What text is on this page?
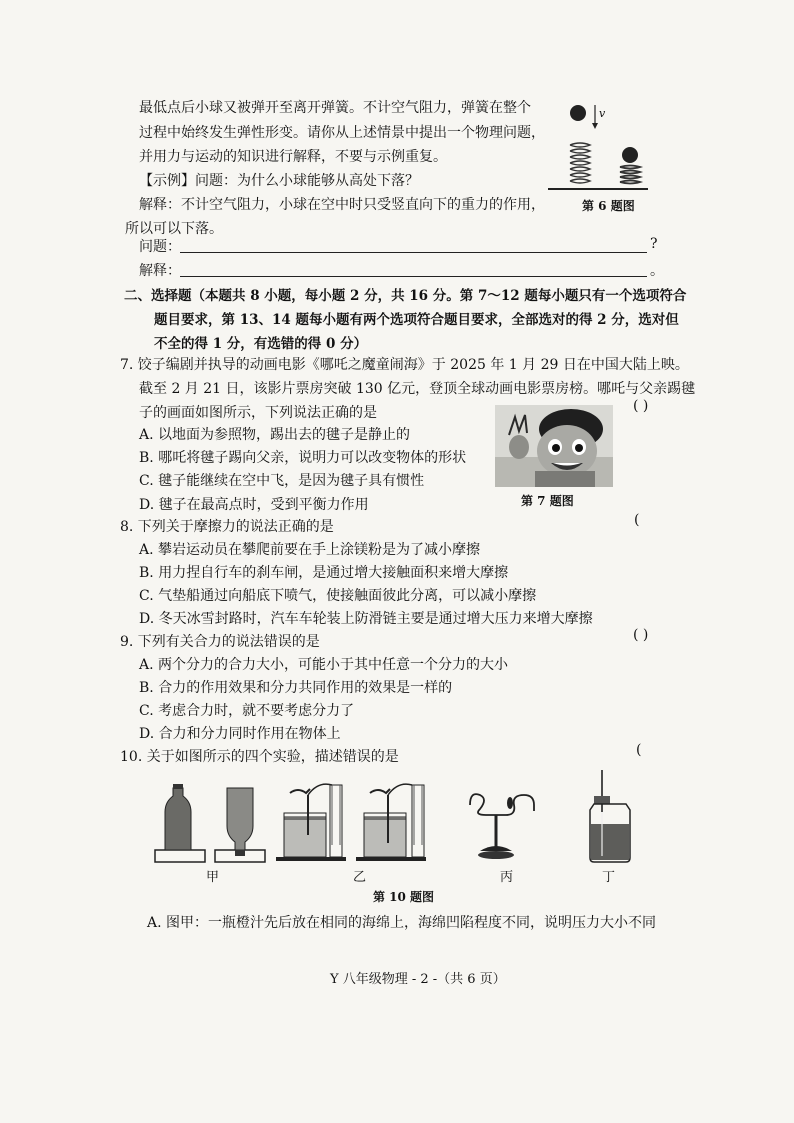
最低点后小球又被弹开至离开弹簧。不计空气阻力，弹簧在整个
过程中始终发生弹性形变。请你从上述情景中提出一个物理问题，
并用力与运动的知识进行解释，不要与示例重复。
【示例】问题：为什么小球能够从高处下落？
解释：不计空气阻力，小球在空中时只受竖直向下的重力的作用，
所以可以下落。
v
第 6 题图
问题：	?
解释：	。
二、选择题（本题共 8 小题，每小题 2 分，共 16 分。第 7～12 题每小题只有一个选项符合
题目要求，第 13、14 题每小题有两个选项符合题目要求，全部选对的得 2 分，选对但
不全的得 1 分，有选错的得 0 分）
7. 饺子编剧并执导的动画电影《哪吒之魔童闹海》于 2025 年 1 月 29 日在中国大陆上映。
截至 2 月 21 日，该影片票房突破 130 亿元，登顶全球动画电影票房榜。哪吒与父亲踢毽
子的画面如图所示，下列说法正确的是	( )
A. 以地面为参照物，踢出去的毽子是静止的
B. 哪吒将毽子踢向父亲，说明力可以改变物体的形状
C. 毽子能继续在空中飞，是因为毽子具有惯性
D. 毽子在最高点时，受到平衡力作用	第 7 题图
8. 下列关于摩擦力的说法正确的是	(
A. 攀岩运动员在攀爬前要在手上涂镁粉是为了减小摩擦
B. 用力捏自行车的刹车闸，是通过增大接触面积来增大摩擦
C. 气垫船通过向船底下喷气，使接触面彼此分离，可以减小摩擦
D. 冬天冰雪封路时，汽车车轮装上防滑链主要是通过增大压力来增大摩擦
9. 下列有关合力的说法错误的是	( )
A. 两个分力的合力大小，可能小于其中任意一个分力的大小
B. 合力的作用效果和分力共同作用的效果是一样的
C. 考虑合力时，就不要考虑分力了
D. 合力和分力同时作用在物体上
10. 关于如图所示的四个实验，描述错误的是	(
甲	乙	丙	丁
第 10 题图
A. 图甲：一瓶橙汁先后放在相同的海绵上，海绵凹陷程度不同，说明压力大小不同
Y 八年级物理 - 2 -（共 6 页）
